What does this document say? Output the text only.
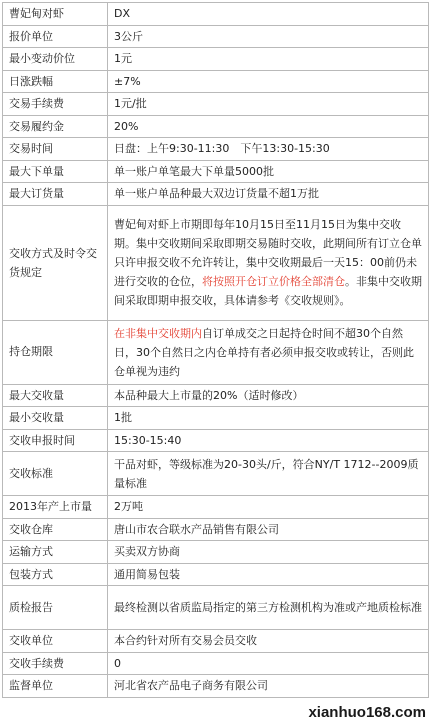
曹妃甸对虾	DX
报价单位	3公斤
最小变动价位	1元
日涨跌幅	±7%
交易手续费	1元/批
交易履约金	20%
交易时间	日盘：上午9:30-11:30　下午13:30-15:30
最大下单量	单一账户单笔最大下单量5000批
最大订货量	单一账户单品种最大双边订货量不超1万批
交收方式及时令交货规定	曹妃甸对虾上市期即每年10月15日至11月15日为集中交收期。集中交收期间采取即期交易随时交收，此期间所有订立仓单只许申报交收不允许转让，集中交收期最后一天15：00前仍未进行交收的仓位，将按照开仓订立价格全部清仓。非集中交收期间采取即期申报交收，具体请参考《交收规则》。
持仓期限	在非集中交收期内自订单成交之日起持仓时间不超30个自然日，30个自然日之内仓单持有者必须申报交收或转让，否则此仓单视为违约
最大交收量	本品种最大上市量的20%（适时修改）
最小交收量	1批
交收申报时间	15:30-15:40
交收标准	干品对虾，等级标准为20-30头/斤，符合NY/T 1712--2009质量标准
2013年产上市量	2万吨
交收仓库	唐山市农合联水产品销售有限公司
运输方式	买卖双方协商
包装方式	通用简易包装
质检报告	最终检测以省质监局指定的第三方检测机构为准或产地质检标准
交收单位	本合约针对所有交易会员交收
交收手续费	0
监督单位	河北省农产品电子商务有限公司
xianhuo168.com
